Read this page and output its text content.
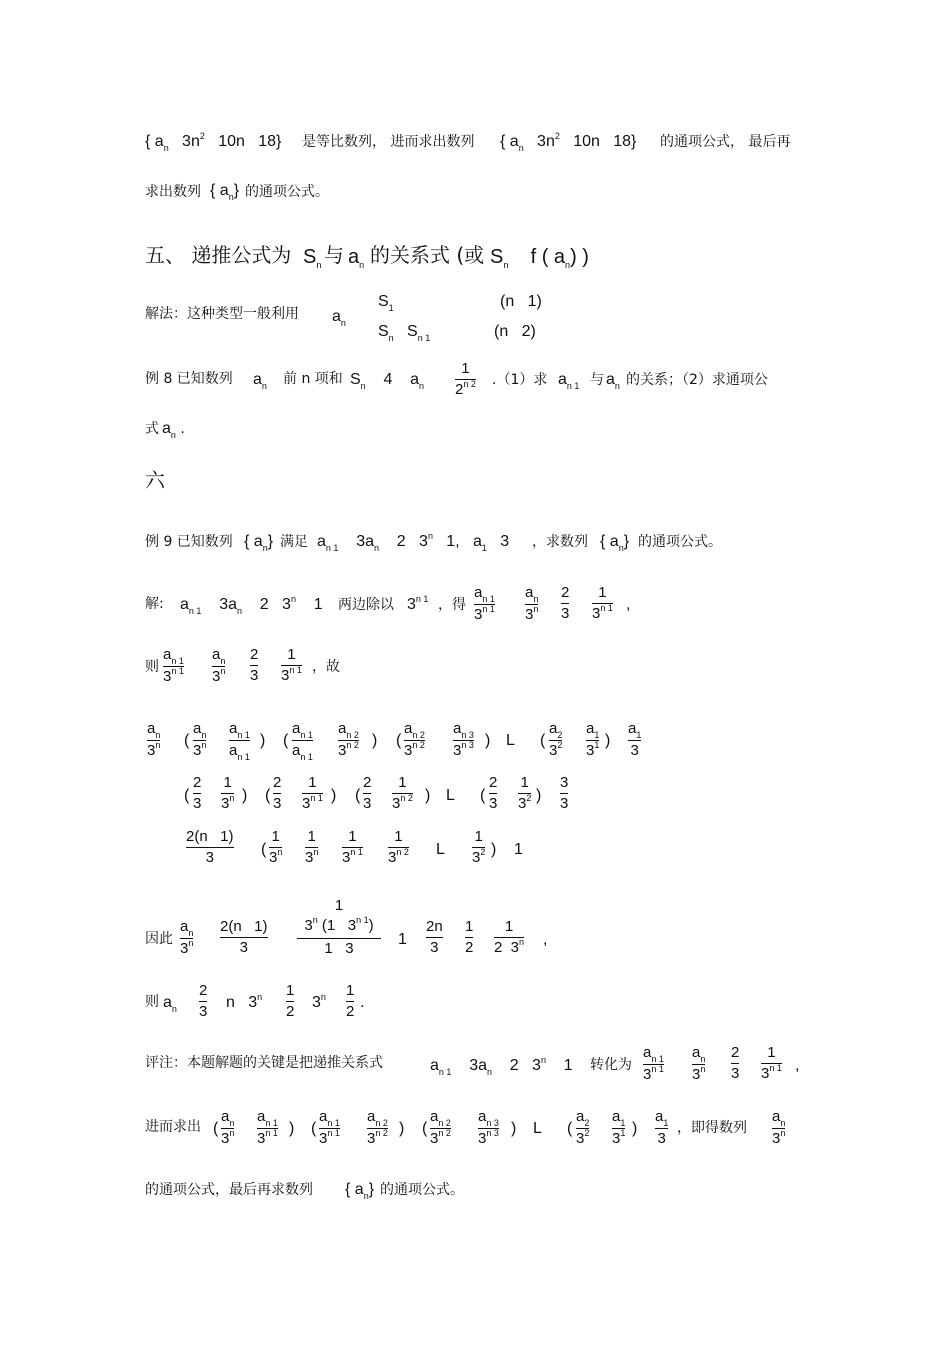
{ $a_n$   $3n^2$   10n   18} 是等比数列， 进而求出数列 { $a_n$   $3n^2$   10n   18} 的通项公式， 最后再
求出数列 { $a_n$} 的通项公式。
五、 递推公式为 $S_n$ 与 $a_n$ 的关系式 (或 $S_n$    f ( $a_n$) )
解法：这种类型一般利用 $a_n$
$S_1$	(n   1)
$S_n$   $S_{n 1}$	(n   2)
例 8 已知数列 $a_n$ 前 n 项和 $S_n$    4    $a_n$
1
$2^{n 2}$ .（1）求 $a_{n 1}$ 与 $a_n$ 的关系；（2）求通项公
式 $a_n$ .
六
例 9 已知数列 { $a_n$} 满足 $a_{n 1}$    $3a_n$    2   3$^n$   1,   $a_1$   3 ，求数列 { $a_n$} 的通项公式。
解: $a_{n 1}$    $3a_n$    2   3$^n$    1 两边除以 $3^{n 1}$ ，得
$a_{n 1}$
$3^{n 1}$
$a_n$
3$^n$
2
3
1
$3^{n 1}$ ,
则
$a_{n 1}$
$3^{n 1}$
$a_n$
3$^n$
2
3
1
$3^{n 1}$ ，故
$a_n$
3$^n$ (
$a_n$
3$^n$
$a_{n 1}$
$a_{n 1}$
) (
$a_{n 1}$
$a_{n 1}$
$a_{n 2}$
$3^{n 2}$ ) (
$a_{n 2}$
$3^{n 2}$
$a_{n 3}$
$3^{n 3}$ ) L (
$a_2$
$3^2$
$a_1$
$3^1$ )
$a_1$
3
(
2
3
1
3$^n$ ) (
2
3
1
$3^{n 1}$ ) (
2
3
1
$3^{n 2}$ ) L (
2
3
1
$3^2$ )
3
3
2(n   1)
3	(
1
3$^n$
1
3$^n$
1
$3^{n 1}$
1
$3^{n 2}$ L
1
$3^2$ ) 1
因此
$a_n$
3$^n$
2(n   1)
3
1
3$^n$ (1   $3^{n 1}$)
1   3
1
2n
3
1
2
1
2  3$^n$ ,
则 $a_n$
2
3
n   3$^n$ 1
2
3$^n$ 1
2
.
评注：本题解题的关键是把递推关系式	$a_{n 1}$    $3a_n$    2   3$^n$    1 转化为
$a_{n 1}$
$3^{n 1}$
$a_n$
3$^n$
2
3
1
$3^{n 1}$ ,
进而求出 (
$a_n$
3$^n$
$a_{n 1}$
$3^{n 1}$ ) (
$a_{n 1}$
$3^{n 1}$
$a_{n 2}$
$3^{n 2}$ ) (
$a_{n 2}$
$3^{n 2}$
$a_{n 3}$
$3^{n 3}$ ) L (
$a_2$
$3^2$
$a_1$
$3^1$ )
$a_1$
3
，即得数列
$a_n$
3$^n$
的通项公式，最后再求数列 { $a_n$} 的通项公式。
